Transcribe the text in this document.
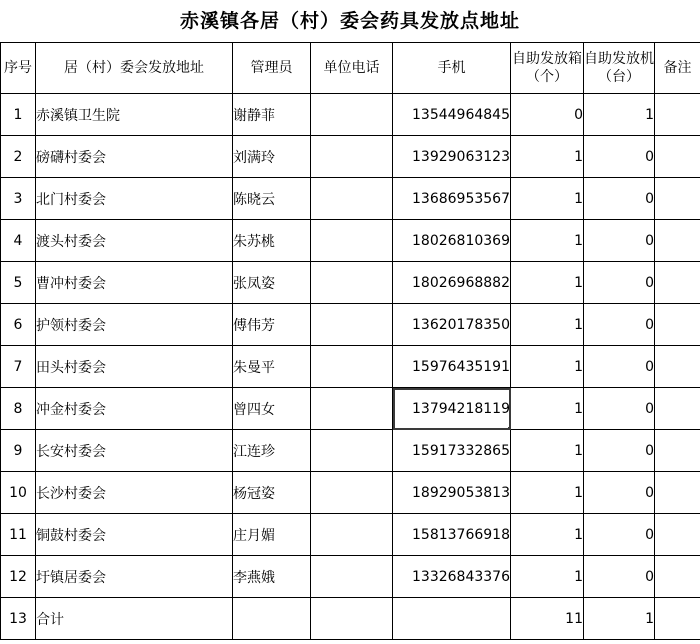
赤溪镇各居（村）委会药具发放点地址
序号	居（村）委会发放地址	管理员	单位电话	手机	自助发放箱（个）	自助发放机（台）	备注
1	赤溪镇卫生院	谢静菲		13544964845	0	1	
2	磅礴村委会	刘满玲		13929063123	1	0	
3	北门村委会	陈晓云		13686953567	1	0	
4	渡头村委会	朱苏桃		18026810369	1	0	
5	曹冲村委会	张凤姿		18026968882	1	0	
6	护领村委会	傅伟芳		13620178350	1	0	
7	田头村委会	朱曼平		15976435191	1	0	
8	冲金村委会	曾四女		13794218119	1	0	
9	长安村委会	江连珍		15917332865	1	0	
10	长沙村委会	杨冠姿		18929053813	1	0	
11	铜鼓村委会	庄月媚		15813766918	1	0	
12	圩镇居委会	李燕娥		13326843376	1	0	
13	合计				11	1	
